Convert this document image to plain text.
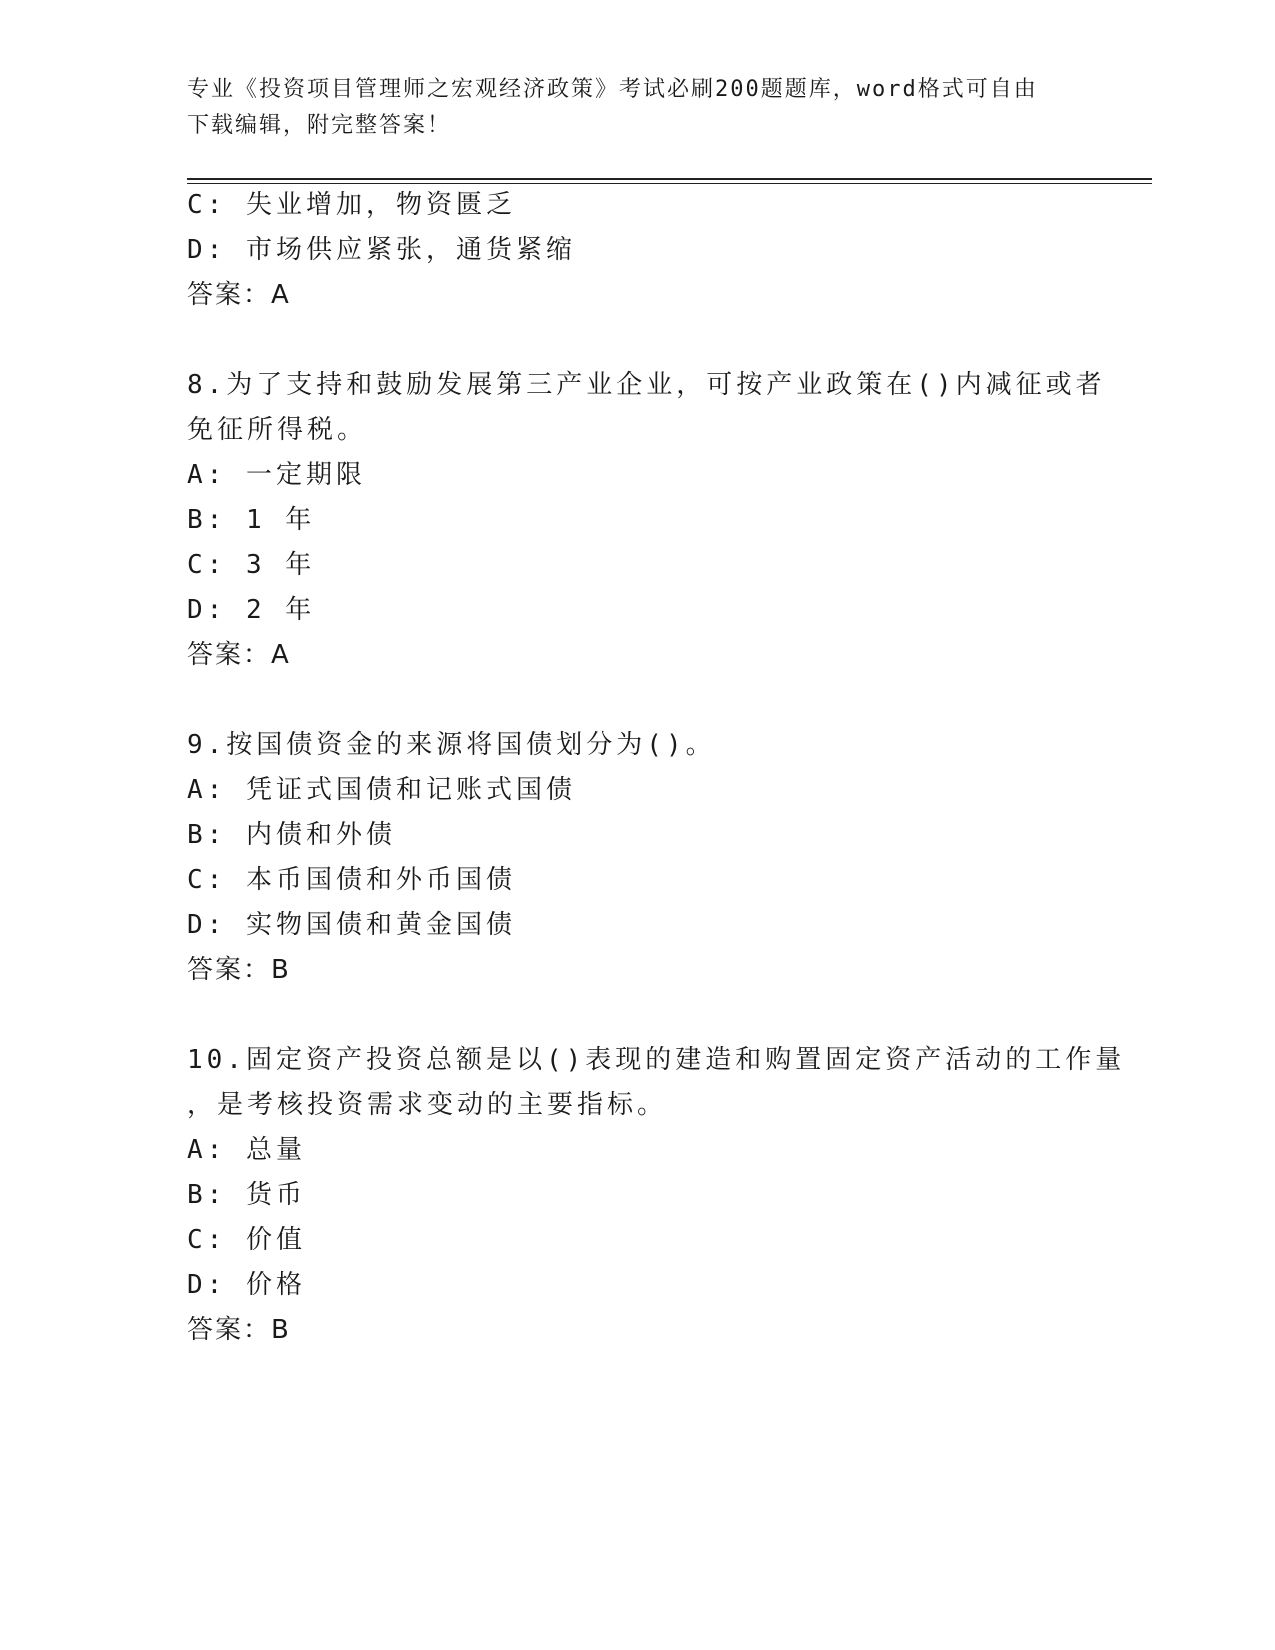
专业《投资项目管理师之宏观经济政策》考试必刷200题题库，word格式可自由
下载编辑，附完整答案！
C: 失业增加，物资匮乏
D: 市场供应紧张，通货紧缩
答案：A
8.为了支持和鼓励发展第三产业企业，可按产业政策在()内减征或者
免征所得税。
A: 一定期限
B: 1 年
C: 3 年
D: 2 年
答案：A
9.按国债资金的来源将国债划分为()。
A: 凭证式国债和记账式国债
B: 内债和外债
C: 本币国债和外币国债
D: 实物国债和黄金国债
答案：B
10.固定资产投资总额是以()表现的建造和购置固定资产活动的工作量
，是考核投资需求变动的主要指标。
A: 总量
B: 货币
C: 价值
D: 价格
答案：B
